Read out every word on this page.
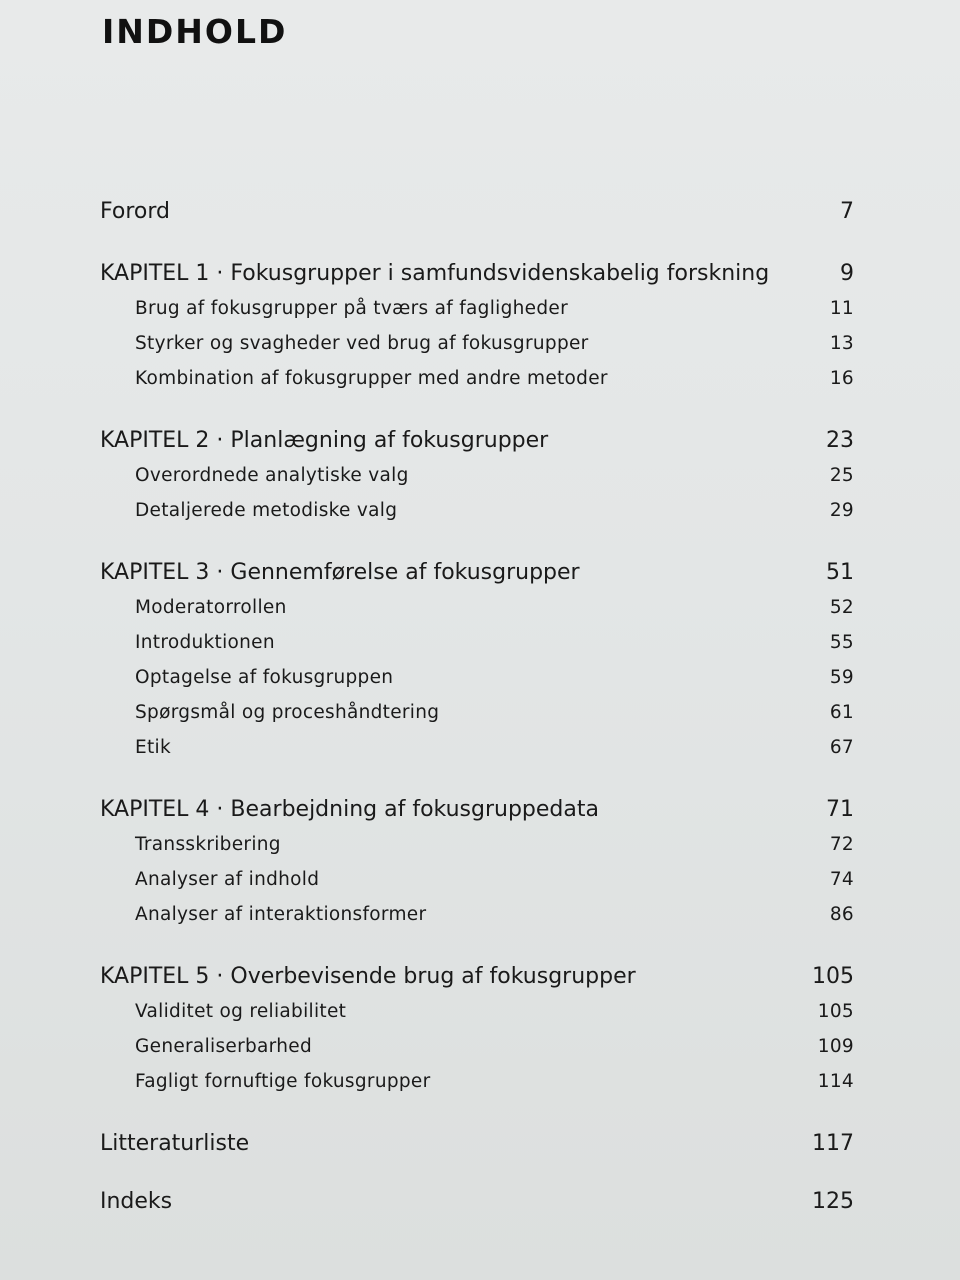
INDHOLD
Forord	7
KAPITEL 1 · Fokusgrupper i samfundsvidenskabelig forskning	9
Brug af fokusgrupper på tværs af fagligheder	11
Styrker og svagheder ved brug af fokusgrupper	13
Kombination af fokusgrupper med andre metoder	16
KAPITEL 2 · Planlægning af fokusgrupper	23
Overordnede analytiske valg	25
Detaljerede metodiske valg	29
KAPITEL 3 · Gennemførelse af fokusgrupper	51
Moderatorrollen	52
Introduktionen	55
Optagelse af fokusgruppen	59
Spørgsmål og proceshåndtering	61
Etik	67
KAPITEL 4 · Bearbejdning af fokusgruppedata	71
Transskribering	72
Analyser af indhold	74
Analyser af interaktionsformer	86
KAPITEL 5 · Overbevisende brug af fokusgrupper	105
Validitet og reliabilitet	105
Generaliserbarhed	109
Fagligt fornuftige fokusgrupper	114
Litteraturliste	117
Indeks	125
